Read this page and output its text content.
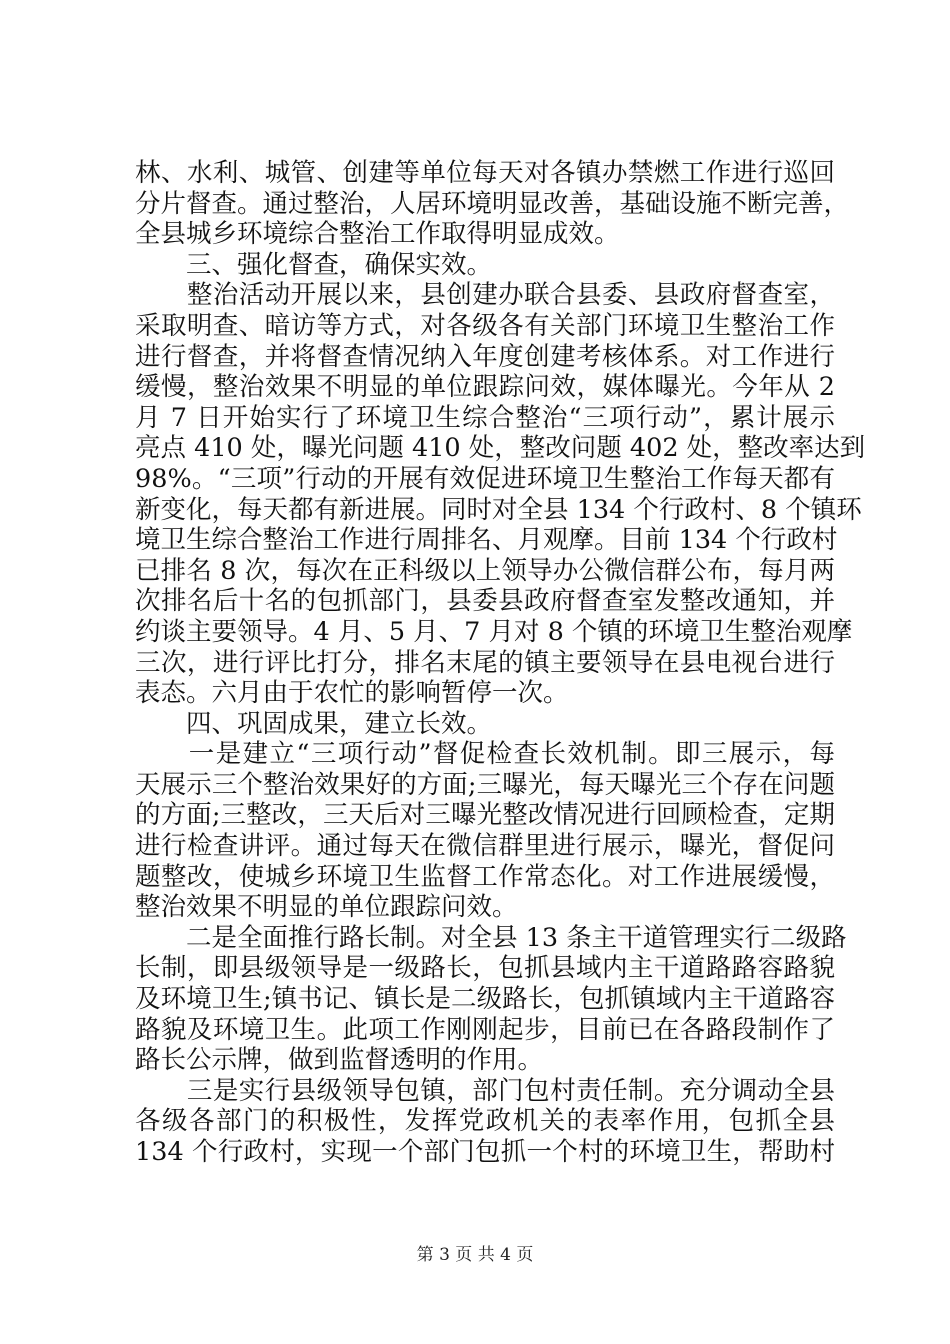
林、水利、城管、创建等单位每天对各镇办禁燃工作进行巡回
分片督查。通过整治，人居环境明显改善，基础设施不断完善，
全县城乡环境综合整治工作取得明显成效。
　　三、强化督查，确保实效。
　　整治活动开展以来，县创建办联合县委、县政府督查室，
采取明查、暗访等方式，对各级各有关部门环境卫生整治工作
进行督查，并将督查情况纳入年度创建考核体系。对工作进行
缓慢，整治效果不明显的单位跟踪问效，媒体曝光。今年从 2
月 7 日开始实行了环境卫生综合整治“三项行动”，累计展示
亮点 410 处，曝光问题 410 处，整改问题 402 处，整改率达到
98%。“三项”行动的开展有效促进环境卫生整治工作每天都有
新变化，每天都有新进展。同时对全县 134 个行政村、8 个镇环
境卫生综合整治工作进行周排名、月观摩。目前 134 个行政村
已排名 8 次，每次在正科级以上领导办公微信群公布，每月两
次排名后十名的包抓部门，县委县政府督查室发整改通知，并
约谈主要领导。4 月、5 月、7 月对 8 个镇的环境卫生整治观摩
三次，进行评比打分，排名末尾的镇主要领导在县电视台进行
表态。六月由于农忙的影响暂停一次。
　　四、巩固成果，建立长效。
　　一是建立“三项行动”督促检查长效机制。即三展示，每
天展示三个整治效果好的方面;三曝光，每天曝光三个存在问题
的方面;三整改，三天后对三曝光整改情况进行回顾检查，定期
进行检查讲评。通过每天在微信群里进行展示，曝光，督促问
题整改，使城乡环境卫生监督工作常态化。对工作进展缓慢，
整治效果不明显的单位跟踪问效。
　　二是全面推行路长制。对全县 13 条主干道管理实行二级路
长制，即县级领导是一级路长，包抓县域内主干道路路容路貌
及环境卫生;镇书记、镇长是二级路长，包抓镇域内主干道路容
路貌及环境卫生。此项工作刚刚起步，目前已在各路段制作了
路长公示牌，做到监督透明的作用。
　　三是实行县级领导包镇，部门包村责任制。充分调动全县
各级各部门的积极性，发挥党政机关的表率作用，包抓全县
134 个行政村，实现一个部门包抓一个村的环境卫生，帮助村
第 3 页 共 4 页
